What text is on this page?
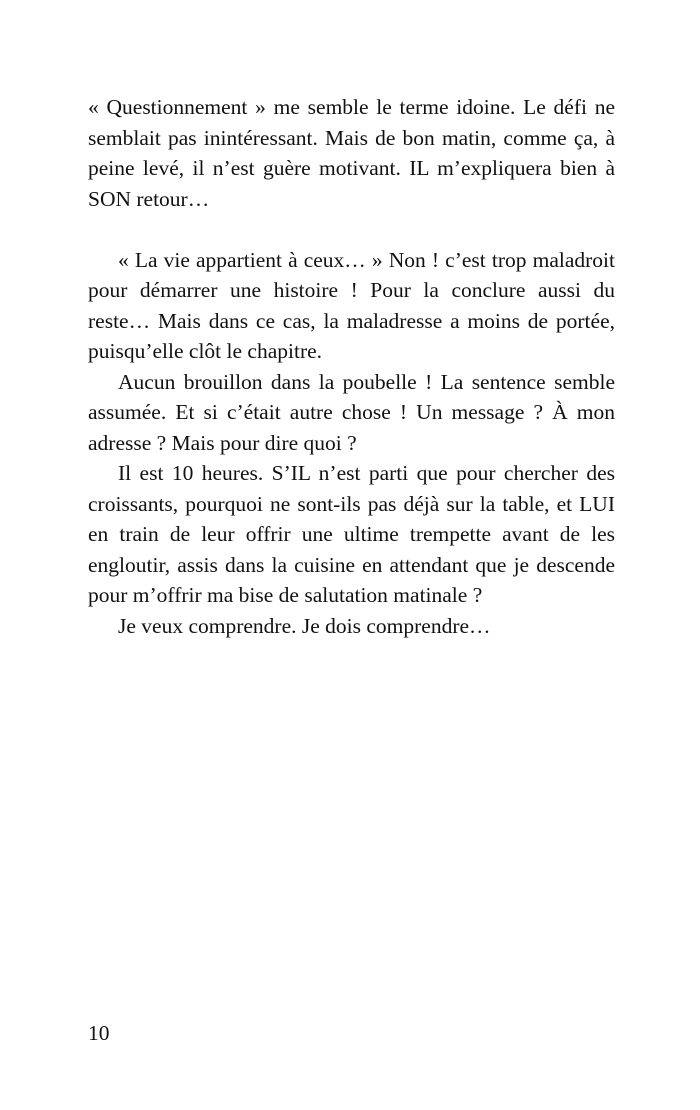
« Questionnement » me semble le terme idoine. Le défi ne semblait pas inintéressant. Mais de bon matin, comme ça, à peine levé, il n’est guère motivant. IL m’expliquera bien à SON retour…

« La vie appartient à ceux… » Non ! c’est trop maladroit pour démarrer une histoire ! Pour la conclure aussi du reste… Mais dans ce cas, la maladresse a moins de portée, puisqu’elle clôt le chapitre.

Aucun brouillon dans la poubelle ! La sentence semble assumée. Et si c’était autre chose ! Un message ? À mon adresse ? Mais pour dire quoi ?

Il est 10 heures. S’IL n’est parti que pour chercher des croissants, pourquoi ne sont-ils pas déjà sur la table, et LUI en train de leur offrir une ultime trempette avant de les engloutir, assis dans la cuisine en attendant que je descende pour m’offrir ma bise de salutation matinale ?

Je veux comprendre. Je dois comprendre…

10
